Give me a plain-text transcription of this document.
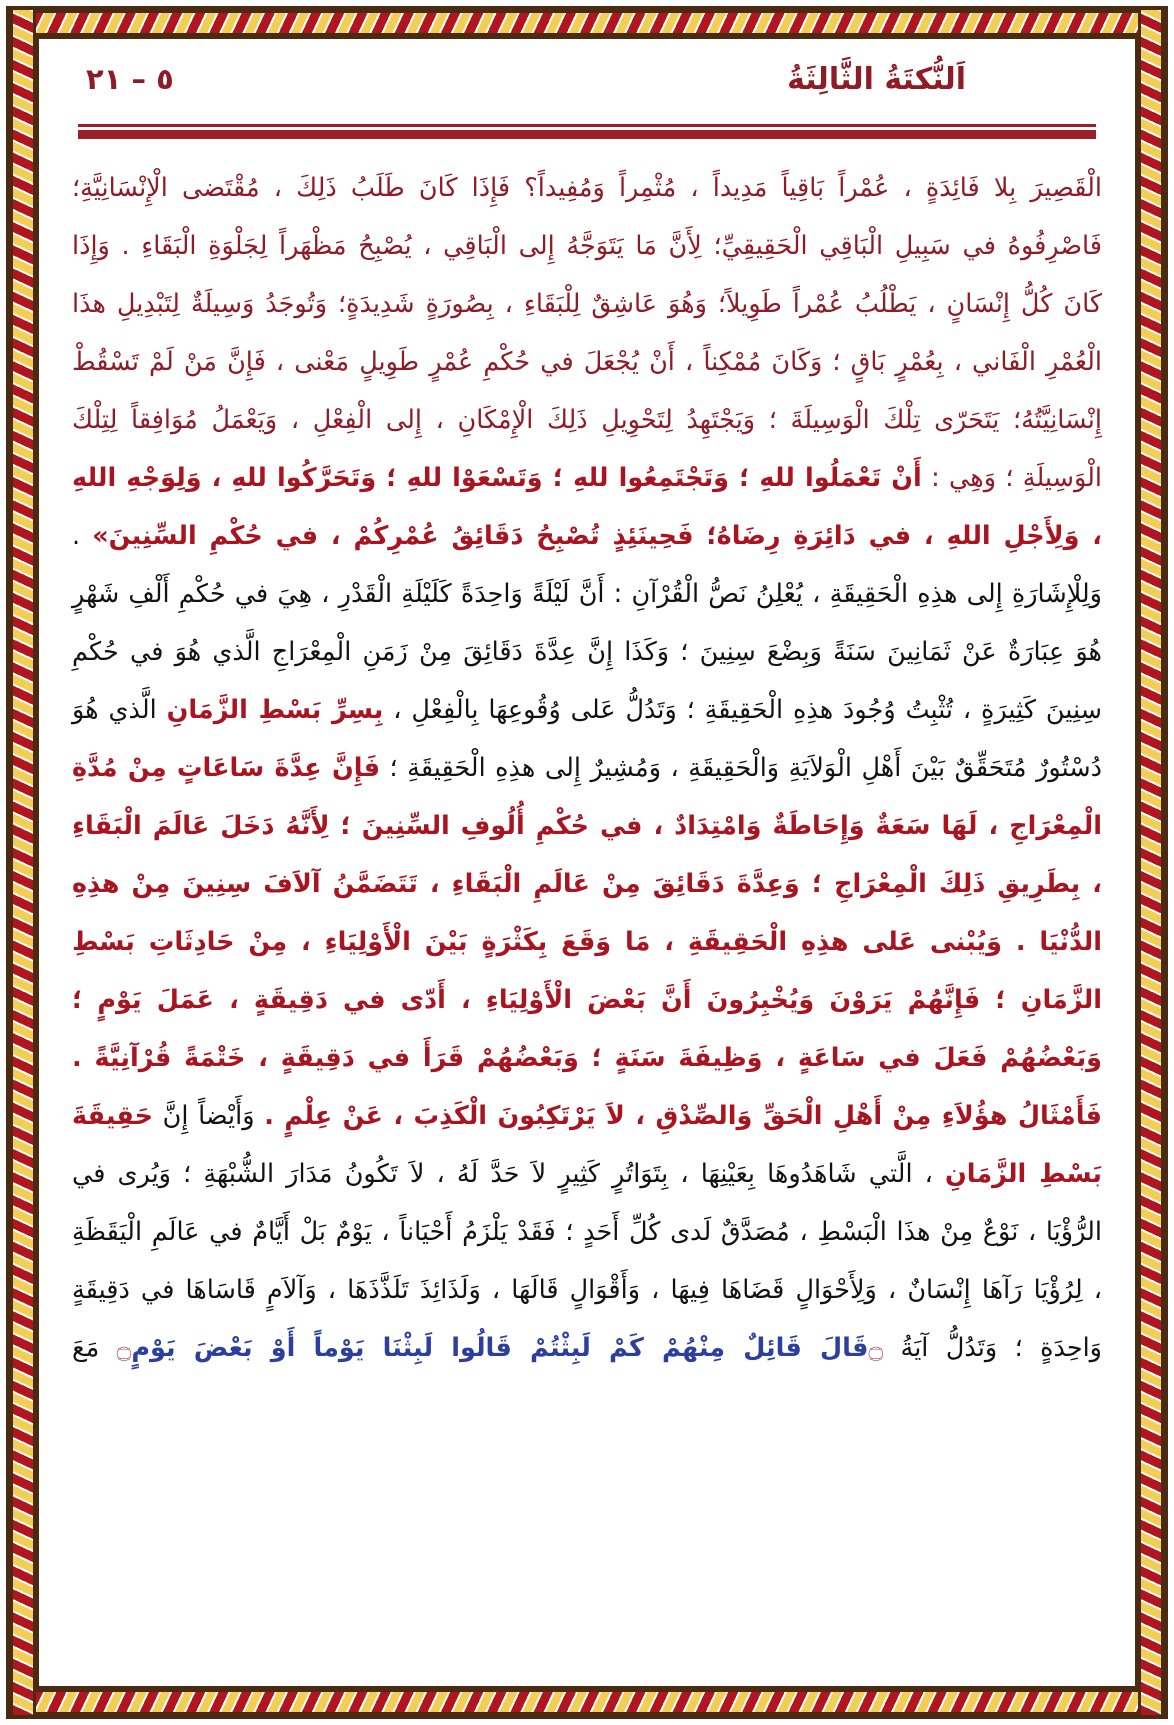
٥ – ٢١	اَلنُّكتَةُ الثَّالِثَةُ

الْقَصِيرَ بِلا فَائِدَةٍ ، عُمْراً بَاقِياً مَدِيداً ، مُثْمِراً وَمُفِيداً؟ فَإِذَا كَانَ طَلَبُ ذَلِكَ ، مُقْتَضى الْإِنْسَانِيَّةِ؛ فَاصْرِفُوهُ في سَبِيلِ الْبَاقِي الْحَقِيقِيِّ؛ لِأَنَّ مَا يَتَوَجَّهُ إِلى الْبَاقِي ، يُصْبِحُ مَظْهَراً لِجَلْوَةِ الْبَقَاءِ . وَإِذَا كَانَ كُلُّ إِنْسَانٍ ، يَطْلُبُ عُمْراً طَوِيلاً؛ وَهُوَ عَاشِقٌ لِلْبَقَاءِ ، بِصُورَةٍ شَدِيدَةٍ؛ وَتُوجَدُ وَسِيلَةٌ لِتَبْدِيلِ هذَا الْعُمْرِ الْفَاني ، بِعُمْرٍ بَاقٍ ؛ وَكَانَ مُمْكِناً ، أَنْ يُجْعَلَ في حُكْمِ عُمْرٍ طَوِيلٍ مَعْنى ، فَإِنَّ مَنْ لَمْ تَسْقُطْ إِنْسَانِيَّتُهُ؛ يَتَحَرّى تِلْكَ الْوَسِيلَةَ ؛ وَيَجْتَهِدُ لِتَحْوِيلِ ذَلِكَ الْإِمْكَانِ ، إِلى الْفِعْلِ ، وَيَعْمَلُ مُوَافِقاً لِتِلْكَ الْوَسِيلَةِ ؛ وَهِي : أَنْ تَعْمَلُوا للهِ ؛ وَتَجْتَمِعُوا للهِ ؛ وَتَسْعَوْا للهِ ؛ وَتَحَرَّكُوا للهِ ، وَلِوَجْهِ اللهِ ، وَلِأَجْلِ اللهِ ، في دَائِرَةِ رِضَاهُ؛ فَحِينَئِذٍ تُصْبِحُ دَقَائِقُ عُمْرِكُمْ ، في حُكْمِ السِّنِينَ» . وَلِلْإِشَارَةِ إِلى هذِهِ الْحَقِيقَةِ ، يُعْلِنُ نَصُّ الْقُرْآنِ : أَنَّ لَيْلَةً وَاحِدَةً كَلَيْلَةِ الْقَدْرِ ، هِيَ في حُكْمِ أَلْفِ شَهْرٍ هُوَ عِبَارَةٌ عَنْ ثَمَانِينَ سَنَةً وَبِضْعَ سِنِينَ ؛ وَكَذَا إِنَّ عِدَّةَ دَقَائِقَ مِنْ زَمَنِ الْمِعْرَاجِ الَّذي هُوَ في حُكْمِ سِنِينَ كَثِيرَةٍ ، تُثْبِتُ وُجُودَ هذِهِ الْحَقِيقَةِ ؛ وَتَدُلُّ عَلى وُقُوعِهَا بِالْفِعْلِ ، بِسِرِّ بَسْطِ الزَّمَانِ الَّذي هُوَ دُسْتُورٌ مُتَحَقِّقٌ بَيْنَ أَهْلِ الْوَلاَيَةِ وَالْحَقِيقَةِ ، وَمُشِيرٌ إِلى هذِهِ الْحَقِيقَةِ ؛ فَإِنَّ عِدَّةَ سَاعَاتٍ مِنْ مُدَّةِ الْمِعْرَاجِ ، لَهَا سَعَةٌ وَإِحَاطَةٌ وَامْتِدَادٌ ، في حُكْمِ أُلُوفِ السِّنِينَ ؛ لِأَنَّهُ دَخَلَ عَالَمَ الْبَقَاءِ ، بِطَرِيقِ ذَلِكَ الْمِعْرَاجِ ؛ وَعِدَّةَ دَقَائِقَ مِنْ عَالَمِ الْبَقَاءِ ، تَتَضَمَّنُ آلاَفَ سِنِينَ مِنْ هذِهِ الدُّنْيَا . وَيُبْنى عَلى هذِهِ الْحَقِيقَةِ ، مَا وَقَعَ بِكَثْرَةٍ بَيْنَ الْأَوْلِيَاءِ ، مِنْ حَادِثَاتِ بَسْطِ الزَّمَانِ ؛ فَإِنَّهُمْ يَرَوْنَ وَيُخْبِرُونَ أَنَّ بَعْضَ الْأَوْلِيَاءِ ، أَدّى في دَقِيقَةٍ ، عَمَلَ يَوْمٍ ؛ وَبَعْضُهُمْ فَعَلَ في سَاعَةٍ ، وَظِيفَةَ سَنَةٍ ؛ وَبَعْضُهُمْ قَرَأَ في دَقِيقَةٍ ، خَتْمَةً قُرْآنِيَّةً . فَأَمْثَالُ هؤُلاَءِ مِنْ أَهْلِ الْحَقِّ وَالصِّدْقِ ، لاَ يَرْتَكِبُونَ الْكَذِبَ ، عَنْ عِلْمٍ . وَأَيْضاً إِنَّ حَقِيقَةَ بَسْطِ الزَّمَانِ ، الَّتي شَاهَدُوهَا بِعَيْنِهَا ، بِتَوَاتُرٍ كَثِيرٍ لاَ حَدَّ لَهُ ، لاَ تَكُونُ مَدَارَ الشُّبْهَةِ ؛ وَيُرى في الرُّؤْيَا ، نَوْعٌ مِنْ هذَا الْبَسْطِ ، مُصَدَّقٌ لَدى كُلِّ أَحَدٍ ؛ فَقَدْ يَلْزَمُ أَحْيَاناً ، يَوْمٌ بَلْ أَيَّامٌ في عَالَمِ الْيَقَظَةِ ، لِرُؤْيَا رَآهَا إِنْسَانٌ ، وَلِأَحْوَالٍ قَضَاهَا فِيهَا ، وَأَقْوَالٍ قَالَهَا ، وَلَذَائِذَ تَلَذَّذَهَا ، وَآلاَمٍ قَاسَاهَا في دَقِيقَةٍ وَاحِدَةٍ ؛ وَتَدُلُّ آيَةُ ۝قَالَ قَائِلٌ مِنْهُمْ كَمْ لَبِثْتُمْ قَالُوا لَبِثْنَا يَوْماً أَوْ بَعْضَ يَوْمٍ۝ مَعَ
